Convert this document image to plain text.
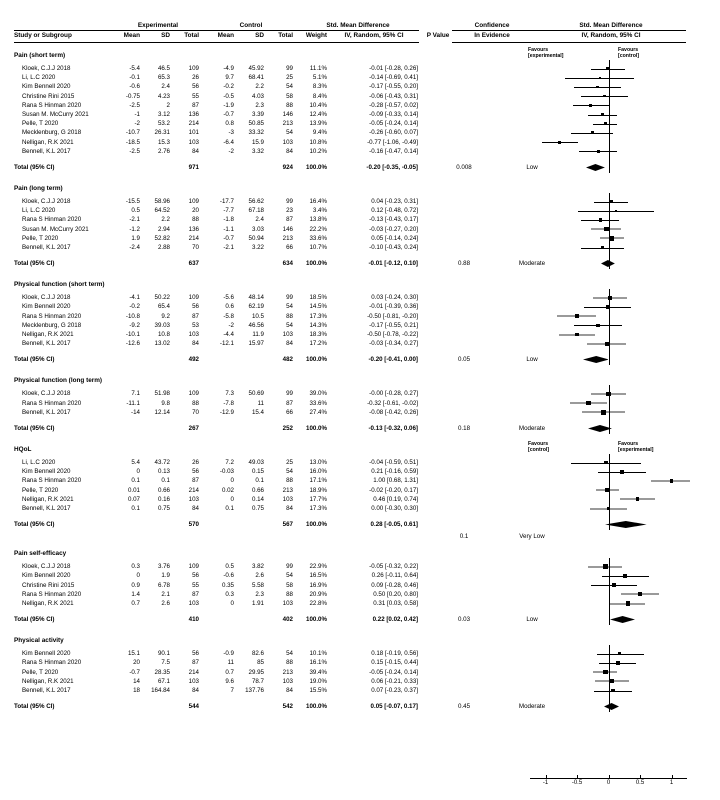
Experimental	Control	Std. Mean Difference
Study or Subgroup	Mean	SD	Total	Mean	SD	Total	Weight	IV, Random, 95% CI	P Value
Confidence
In Evidence
Std. Mean Difference
IV, Random, 95% CI
Pain (short term)
Kloek, C.J.J 2018	-5.4	46.5	109	-4.9	45.92	99	11.1%	-0.01 [-0.28, 0.26]
Li, L.C 2020	-0.1	65.3	26	9.7	68.41	25	5.1%	-0.14 [-0.69, 0.41]
Kim Bennell 2020	-0.6	2.4	56	-0.2	2.2	54	8.3%	-0.17 [-0.55, 0.20]
Christine Rini 2015	-0.75	4.23	55	-0.5	4.03	58	8.4%	-0.06 [-0.43, 0.31]
Rana S Hinman 2020	-2.5	2	87	-1.9	2.3	88	10.4%	-0.28 [-0.57, 0.02]
Susan M. McCurry 2021	-1	3.12	136	-0.7	3.39	146	12.4%	-0.09 [-0.33, 0.14]
Pelle, T 2020	-2	53.2	214	0.8	50.85	213	13.9%	-0.05 [-0.24, 0.14]
Mecklenburg, G 2018	-10.7	26.31	101	-3	33.32	54	9.4%	-0.26 [-0.60, 0.07]
Nelligan, R.K 2021	-18.5	15.3	103	-6.4	15.9	103	10.8%	-0.77 [-1.06, -0.49]
Bennell, K.L 2017	-2.5	2.76	84	-2	3.32	84	10.2%	-0.16 [-0.47, 0.14]
Total (95% CI)	971	924	100.0%	-0.20 [-0.35, -0.05]	0.008	Low
Pain (long term)
Kloek, C.J.J 2018	-15.5	58.96	109	-17.7	56.62	99	16.4%	0.04 [-0.23, 0.31]
Li, L.C 2020	0.5	64.52	20	-7.7	67.18	23	3.4%	0.12 [-0.48, 0.72]
Rana S Hinman 2020	-2.1	2.2	88	-1.8	2.4	87	13.8%	-0.13 [-0.43, 0.17]
Susan M. McCurry 2021	-1.2	2.94	136	-1.1	3.03	146	22.2%	-0.03 [-0.27, 0.20]
Pelle, T 2020	1.9	52.82	214	-0.7	50.94	213	33.6%	0.05 [-0.14, 0.24]
Bennell, K.L 2017	-2.4	2.88	70	-2.1	3.22	66	10.7%	-0.10 [-0.43, 0.24]
Total (95% CI)	637	634	100.0%	-0.01 [-0.12, 0.10]	0.88	Moderate
Physical function (short term)
Kloek, C.J.J 2018	-4.1	50.22	109	-5.6	48.14	99	18.5%	0.03 [-0.24, 0.30]
Kim Bennell 2020	-0.2	65.4	56	0.6	62.19	54	14.5%	-0.01 [-0.39, 0.36]
Rana S Hinman 2020	-10.8	9.2	87	-5.8	10.5	88	17.3%	-0.50 [-0.81, -0.20]
Mecklenburg, G 2018	-9.2	39.03	53	-2	46.56	54	14.3%	-0.17 [-0.55, 0.21]
Nelligan, R.K 2021	-10.1	10.8	103	-4.4	11.9	103	18.3%	-0.50 [-0.78, -0.22]
Bennell, K.L 2017	-12.6	13.02	84	-12.1	15.97	84	17.2%	-0.03 [-0.34, 0.27]
Total (95% CI)	492	482	100.0%	-0.20 [-0.41, 0.00]	0.05	Low
Physical function (long term)
Kloek, C.J.J 2018	7.1	51.98	109	7.3	50.69	99	39.0%	-0.00 [-0.28, 0.27]
Rana S Hinman 2020	-11.1	9.8	88	-7.8	11	87	33.6%	-0.32 [-0.61, -0.02]
Bennell, K.L 2017	-14	12.14	70	-12.9	15.4	66	27.4%	-0.08 [-0.42, 0.26]
Total (95% CI)	267	252	100.0%	-0.13 [-0.32, 0.06]	0.18	Moderate
HQoL
Li, L.C 2020	5.4	43.72	26	7.2	49.03	25	13.0%	-0.04 [-0.59, 0.51]
Kim Bennell 2020	0	0.13	56	-0.03	0.15	54	16.0%	0.21 [-0.16, 0.59]
Rana S Hinman 2020	0.1	0.1	87	0	0.1	88	17.1%	1.00 [0.68, 1.31]
Pelle, T 2020	0.01	0.66	214	0.02	0.66	213	18.9%	-0.02 [-0.20, 0.17]
Nelligan, R.K 2021	0.07	0.16	103	0	0.14	103	17.7%	0.46 [0.19, 0.74]
Bennell, K.L 2017	0.1	0.75	84	0.1	0.75	84	17.3%	0.00 [-0.30, 0.30]
Total (95% CI)	570	567	100.0%	0.28 [-0.05, 0.61]
0.1	Very Low
Pain self-efficacy
Kloek, C.J.J 2018	0.3	3.76	109	0.5	3.82	99	22.9%	-0.05 [-0.32, 0.22]
Kim Bennell 2020	0	1.9	56	-0.6	2.6	54	16.5%	0.26 [-0.11, 0.64]
Christine Rini 2015	0.9	6.78	55	0.35	5.58	58	16.9%	0.09 [-0.28, 0.46]
Rana S Hinman 2020	1.4	2.1	87	0.3	2.3	88	20.9%	0.50 [0.20, 0.80]
Nelligan, R.K 2021	0.7	2.6	103	0	1.91	103	22.8%	0.31 [0.03, 0.58]
Total (95% CI)	410	402	100.0%	0.22 [0.02, 0.42]	0.03	Low
Physical activity
Kim Bennell 2020	15.1	90.1	56	-0.9	82.6	54	10.1%	0.18 [-0.19, 0.56]
Rana S Hinman 2020	20	7.5	87	11	85	88	16.1%	0.15 [-0.15, 0.44]
Pelle, T 2020	-0.7	28.35	214	0.7	29.95	213	39.4%	-0.05 [-0.24, 0.14]
Nelligan, R.K 2021	14	67.1	103	9.6	78.7	103	19.0%	0.06 [-0.21, 0.33]
Bennell, K.L 2017	18	164.84	84	7	137.76	84	15.5%	0.07 [-0.23, 0.37]
Total (95% CI)	544	542	100.0%	0.05 [-0.07, 0.17]	0.45	Moderate
Favours
[experimental]
Favours
[control]
Favours
[control]
Favours
[experimental]
-1	-0.5	0	0.5	1
